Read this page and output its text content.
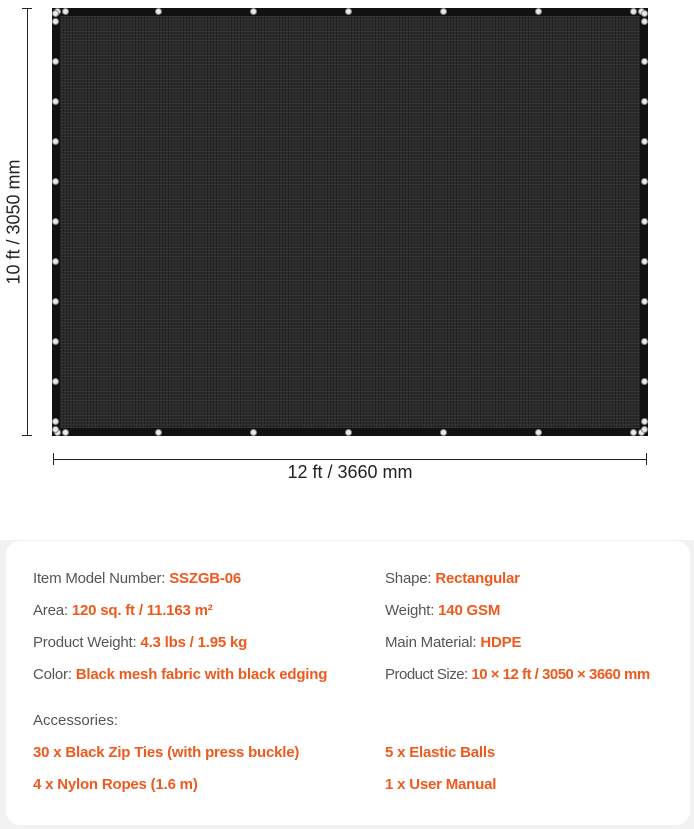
10 ft / 3050 mm
12 ft / 3660 mm
Item Model Number: SSZGB-06
Area: 120 sq. ft / 11.163 m²
Product Weight: 4.3 lbs / 1.95 kg
Color: Black mesh fabric with black edging
Shape: Rectangular
Weight: 140 GSM
Main Material: HDPE
Product Size: 10 × 12 ft / 3050 × 3660 mm
Accessories:
30 x Black Zip Ties (with press buckle)	5 x Elastic Balls
4 x Nylon Ropes (1.6 m)	1 x User Manual
